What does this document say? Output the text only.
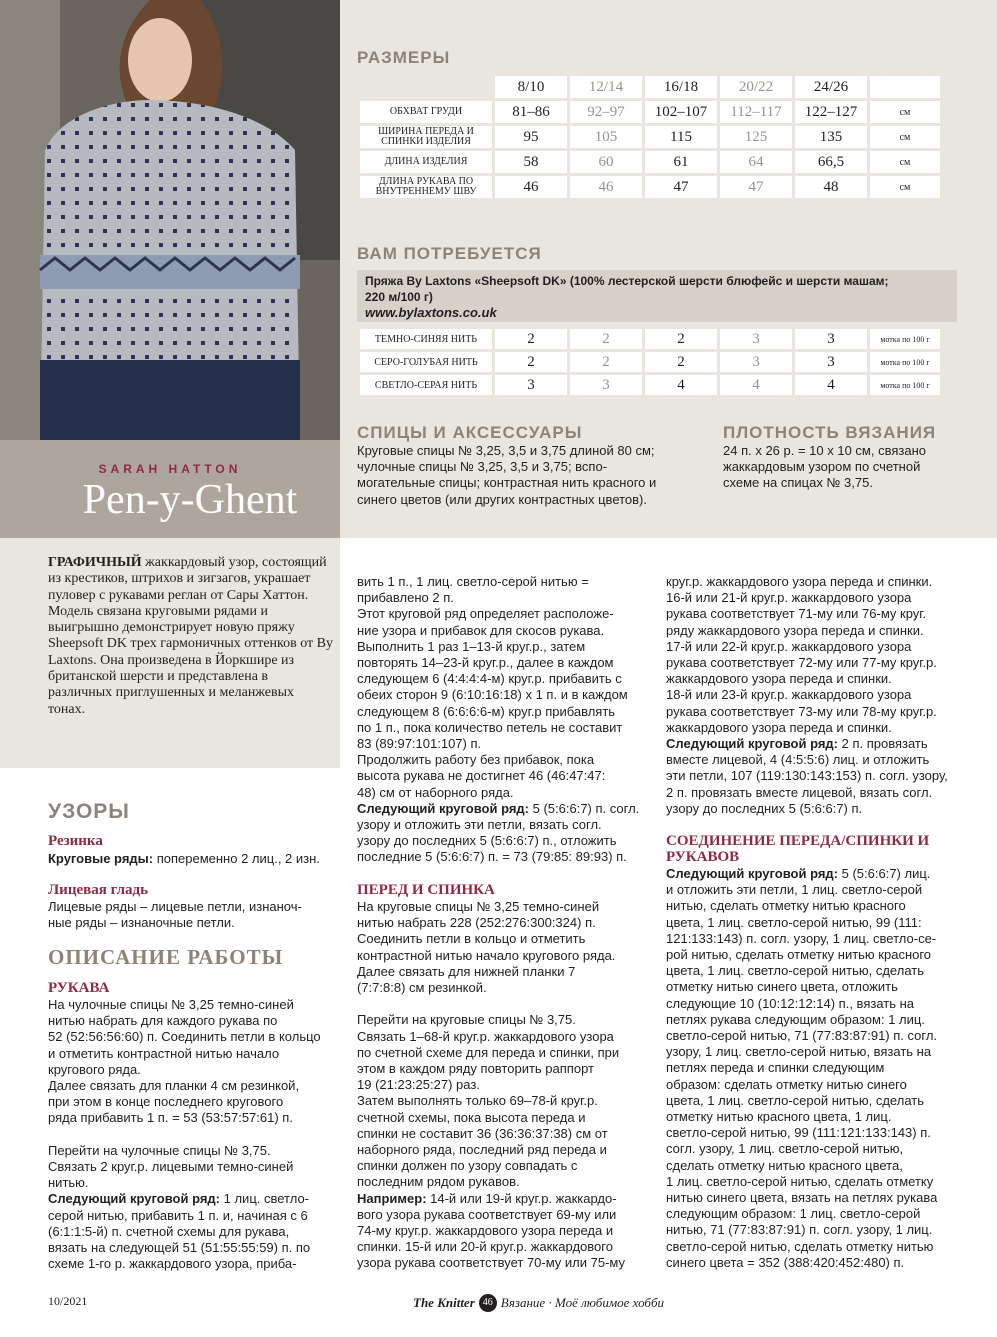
SARAH HATTON
Pen-y-Ghent
ГРАФИЧНЫЙ жаккардовый узор, состоящий из крестиков, штрихов и зигзагов, украшает пуловер с рукавами реглан от Сары Хаттон. Модель связана круговыми рядами и выигрышно демонстрирует новую пряжу Sheepsoft DK трех гармоничных оттенков от By Laxtons. Она произведена в Йоркшире из британской шерсти и представлена в различных приглушенных и меланжевых тонах.
РАЗМЕРЫ
	8/10	12/14	16/18	20/22	24/26	
ОБХВАТ ГРУДИ	81–86	92–97	102–107	112–117	122–127	см
ШИРИНА ПЕРЕДА И СПИНКИ ИЗДЕЛИЯ	95	105	115	125	135	см
ДЛИНА ИЗДЕЛИЯ	58	60	61	64	66,5	см
ДЛИНА РУКАВА ПО ВНУТРЕННЕМУ ШВУ	46	46	47	47	48	см
ВАМ ПОТРЕБУЕТСЯ
Пряжа By Laxtons «Sheepsoft DK» (100% лестерской шерсти блюфейс и шерсти машам;
220 м/100 г)
www.bylaxtons.co.uk
ТЕМНО-СИНЯЯ НИТЬ	2	2	2	3	3	мотка по 100 г
СЕРО-ГОЛУБАЯ НИТЬ	2	2	2	3	3	мотка по 100 г
СВЕТЛО-СЕРАЯ НИТЬ	3	3	4	4	4	мотка по 100 г
СПИЦЫ И АКСЕССУАРЫ

Круговые спицы № 3,25, 3,5 и 3,75 длиной 80 см;

чулочные спицы № 3,25, 3,5 и 3,75; вспо-

могательные спицы; контрастная нить красного и

синего цветов (или других контрастных цветов).

ПЛОТНОСТЬ ВЯЗАНИЯ

24 п. х 26 р. = 10 х 10 см, связано

жаккардовым узором по счетной

схеме на спицах № 3,75.

УЗОРЫ
Резинка
Круговые ряды: попеременно 2 лиц., 2 изн.
Лицевая гладь

Лицевые ряды – лицевые петли, изнаноч-

ные ряды – изнаночные петли.

ОПИСАНИЕ РАБОТЫ
РУКАВА

На чулочные спицы № 3,25 темно-синей

нитью набрать для каждого рукава по

52 (52:56:56:60) п. Соединить петли в кольцо

и отметить контрастной нитью начало

кругового ряда.

Далее связать для планки 4 см резинкой,

при этом в конце последнего кругового

ряда прибавить 1 п. = 53 (53:57:57:61) п.

Перейти на чулочные спицы № 3,75.

Связать 2 круг.р. лицевыми темно-синей

нитью.

Следующий круговой ряд: 1 лиц. светло-

серой нитью, прибавить 1 п. и, начиная с 6

(6:1:1:5-й) п. счетной схемы для рукава,

вязать на следующей 51 (51:55:55:59) п. по

схеме 1-го р. жаккардового узора, приба-

вить 1 п., 1 лиц. светло-серой нитью =

прибавлено 2 п.

Этот круговой ряд определяет расположе-

ние узора и прибавок для скосов рукава.

Выполнить 1 раз 1–13-й круг.р., затем

повторять 14–23-й круг.р., далее в каждом

следующем 6 (4:4:4:4-м) круг.р. прибавить с

обеих сторон 9 (6:10:16:18) х 1 п. и в каждом

следующем 8 (6:6:6:6-м) круг.р прибавлять

по 1 п., пока количество петель не составит

83 (89:97:101:107) п.

Продолжить работу без прибавок, пока

высота рукава не достигнет 46 (46:47:47:

48) см от наборного ряда.

Следующий круговой ряд: 5 (5:6:6:7) п. согл.

узору и отложить эти петли, вязать согл.

узору до последних 5 (5:6:6:7) п., отложить

последние 5 (5:6:6:7) п. = 73 (79:85: 89:93) п.

ПЕРЕД И СПИНКА

На круговые спицы № 3,25 темно-синей

нитью набрать 228 (252:276:300:324) п.

Соединить петли в кольцо и отметить

контрастной нитью начало кругового ряда.

Далее связать для нижней планки 7

(7:7:8:8) см резинкой.

Перейти на круговые спицы № 3,75.

Связать 1–68-й круг.р. жаккардового узора

по счетной схеме для переда и спинки, при

этом в каждом ряду повторить раппорт

19 (21:23:25:27) раз.

Затем выполнять только 69–78-й круг.р.

счетной схемы, пока высота переда и

спинки не составит 36 (36:36:37:38) см от

наборного ряда, последний ряд переда и

спинки должен по узору совпадать с

последним рядом рукавов.

Например: 14-й или 19-й круг.р. жаккардо-

вого узора рукава соответствует 69-му или

74-му круг.р. жаккардового узора переда и

спинки. 15-й или 20-й круг.р. жаккардового

узора рукава соответствует 70-му или 75-му

круг.р. жаккардового узора переда и спинки.

16-й или 21-й круг.р. жаккардового узора

рукава соответствует 71-му или 76-му круг.

ряду жаккардового узора переда и спинки.

17-й или 22-й круг.р. жаккардового узора

рукава соответствует 72-му или 77-му круг.р.

жаккардового узора переда и спинки.

18-й или 23-й круг.р. жаккардового узора

рукава соответствует 73-му или 78-му круг.р.

жаккардового узора переда и спинки.

Следующий круговой ряд: 2 п. провязать

вместе лицевой, 4 (4:5:5:6) лиц. и отложить

эти петли, 107 (119:130:143:153) п. согл. узору,

2 п. провязать вместе лицевой, вязать согл.

узору до последних 5 (5:6:6:7) п.

СОЕДИНЕНИЕ ПЕРЕДА/СПИНКИ И РУКАВОВ

Следующий круговой ряд: 5 (5:6:6:7) лиц.

и отложить эти петли, 1 лиц. светло-серой

нитью, сделать отметку нитью красного

цвета, 1 лиц. светло-серой нитью, 99 (111:

121:133:143) п. согл. узору, 1 лиц. светло-се-

рой нитью, сделать отметку нитью красного

цвета, 1 лиц. светло-серой нитью, сделать

отметку нитью синего цвета, отложить

следующие 10 (10:12:12:14) п., вязать на

петлях рукава следующим образом: 1 лиц.

светло-серой нитью, 71 (77:83:87:91) п. согл.

узору, 1 лиц. светло-серой нитью, вязать на

петлях переда и спинки следующим

образом: сделать отметку нитью синего

цвета, 1 лиц. светло-серой нитью, сделать

отметку нитью красного цвета, 1 лиц.

светло-серой нитью, 99 (111:121:133:143) п.

согл. узору, 1 лиц. светло-серой нитью,

сделать отметку нитью красного цвета,

1 лиц. светло-серой нитью, сделать отметку

нитью синего цвета, вязать на петлях рукава

следующим образом: 1 лиц. светло-серой

нитью, 71 (77:83:87:91) п. согл. узору, 1 лиц.

светло-серой нитью, сделать отметку нитью

синего цвета = 352 (388:420:452:480) п.

10/2021	The Knitter 46 Вязание · Моё любимое хобби
